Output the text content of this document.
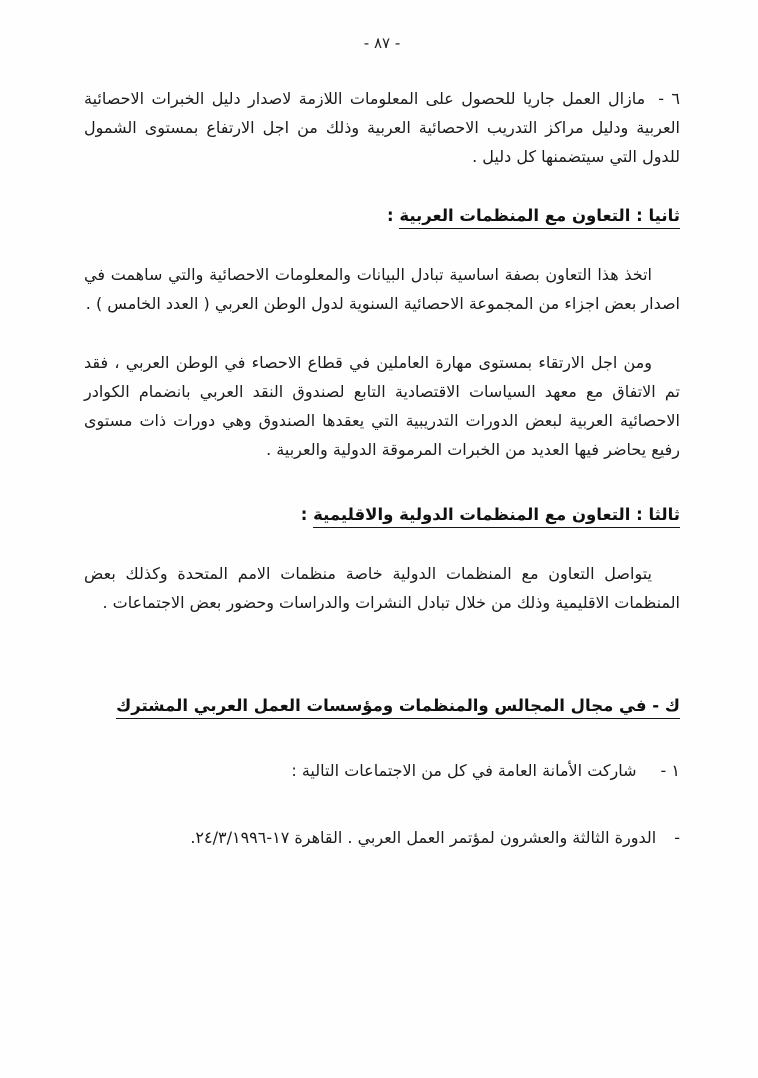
- ٨٧ -

٦ -مازال العمل جاريا للحصول على المعلومات اللازمة لاصدار دليل الخبرات الاحصائية العربية ودليل مراكز التدريب الاحصائية العربية وذلك من اجل الارتفاع بمستوى الشمول للدول التي سيتضمنها كل دليل .

ثانيا : التعاون مع المنظمات العربية :

اتخذ هذا التعاون بصفة اساسية تبادل البيانات والمعلومات الاحصائية والتي ساهمت في اصدار بعض اجزاء من المجموعة الاحصائية السنوية لدول الوطن العربي ( العدد الخامس ) .

ومن اجل الارتقاء بمستوى مهارة العاملين في قطاع الاحصاء في الوطن العربي ، فقد تم الاتفاق مع معهد السياسات الاقتصادية التابع لصندوق النقد العربي بانضمام الكوادر الاحصائية العربية لبعض الدورات التدريبية التي يعقدها الصندوق وهي دورات ذات مستوى رفيع يحاضر فيها العديد من الخبرات المرموقة الدولية والعربية .

ثالثا : التعاون مع المنظمات الدولية والاقليمية :

يتواصل التعاون مع المنظمات الدولية خاصة منظمات الامم المتحدة وكذلك بعض المنظمات الاقليمية وذلك من خلال تبادل النشرات والدراسات وحضور بعض الاجتماعات .

ك - في مجال المجالس والمنظمات ومؤسسات العمل العربي المشترك
١ -
شاركت الأمانة العامة في كل من الاجتماعات التالية :
-
الدورة الثالثة والعشرون لمؤتمر العمل العربي . القاهرة ١٧-٢٤/٣/١٩٩٦.
